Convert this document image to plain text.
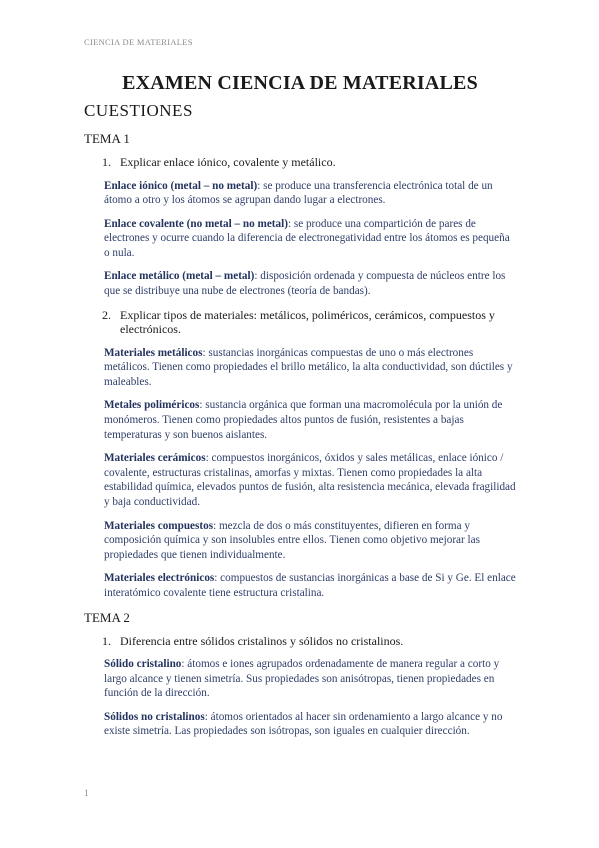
CIENCIA DE MATERIALES
EXAMEN CIENCIA DE MATERIALES
CUESTIONES
TEMA 1
1. Explicar enlace iónico, covalente y metálico.

Enlace iónico (metal – no metal): se produce una transferencia electrónica total de un átomo a otro y los átomos se agrupan dando lugar a electrones.

Enlace covalente (no metal – no metal): se produce una compartición de pares de electrones y ocurre cuando la diferencia de electronegatividad entre los átomos es pequeña o nula.

Enlace metálico (metal – metal): disposición ordenada y compuesta de núcleos entre los que se distribuye una nube de electrones (teoría de bandas).

2. Explicar tipos de materiales: metálicos, poliméricos, cerámicos, compuestos y electrónicos.

Materiales metálicos: sustancias inorgánicas compuestas de uno o más electrones metálicos. Tienen como propiedades el brillo metálico, la alta conductividad, son dúctiles y maleables.

Metales poliméricos: sustancia orgánica que forman una macromolécula por la unión de monómeros. Tienen como propiedades altos puntos de fusión, resistentes a bajas temperaturas y son buenos aislantes.

Materiales cerámicos: compuestos inorgánicos, óxidos y sales metálicas, enlace iónico / covalente, estructuras cristalinas, amorfas y mixtas. Tienen como propiedades la alta estabilidad química, elevados puntos de fusión, alta resistencia mecánica, elevada fragilidad y baja conductividad.

Materiales compuestos: mezcla de dos o más constituyentes, difieren en forma y composición química y son insolubles entre ellos. Tienen como objetivo mejorar las propiedades que tienen individualmente.

Materiales electrónicos: compuestos de sustancias inorgánicas a base de Si y Ge. El enlace interatómico covalente tiene estructura cristalina.

TEMA 2
1. Diferencia entre sólidos cristalinos y sólidos no cristalinos.

Sólido cristalino: átomos e iones agrupados ordenadamente de manera regular a corto y largo alcance y tienen simetría. Sus propiedades son anisótropas, tienen propiedades en función de la dirección.

Sólidos no cristalinos: átomos orientados al hacer sin ordenamiento a largo alcance y no existe simetría. Las propiedades son isótropas, son iguales en cualquier dirección.

1
